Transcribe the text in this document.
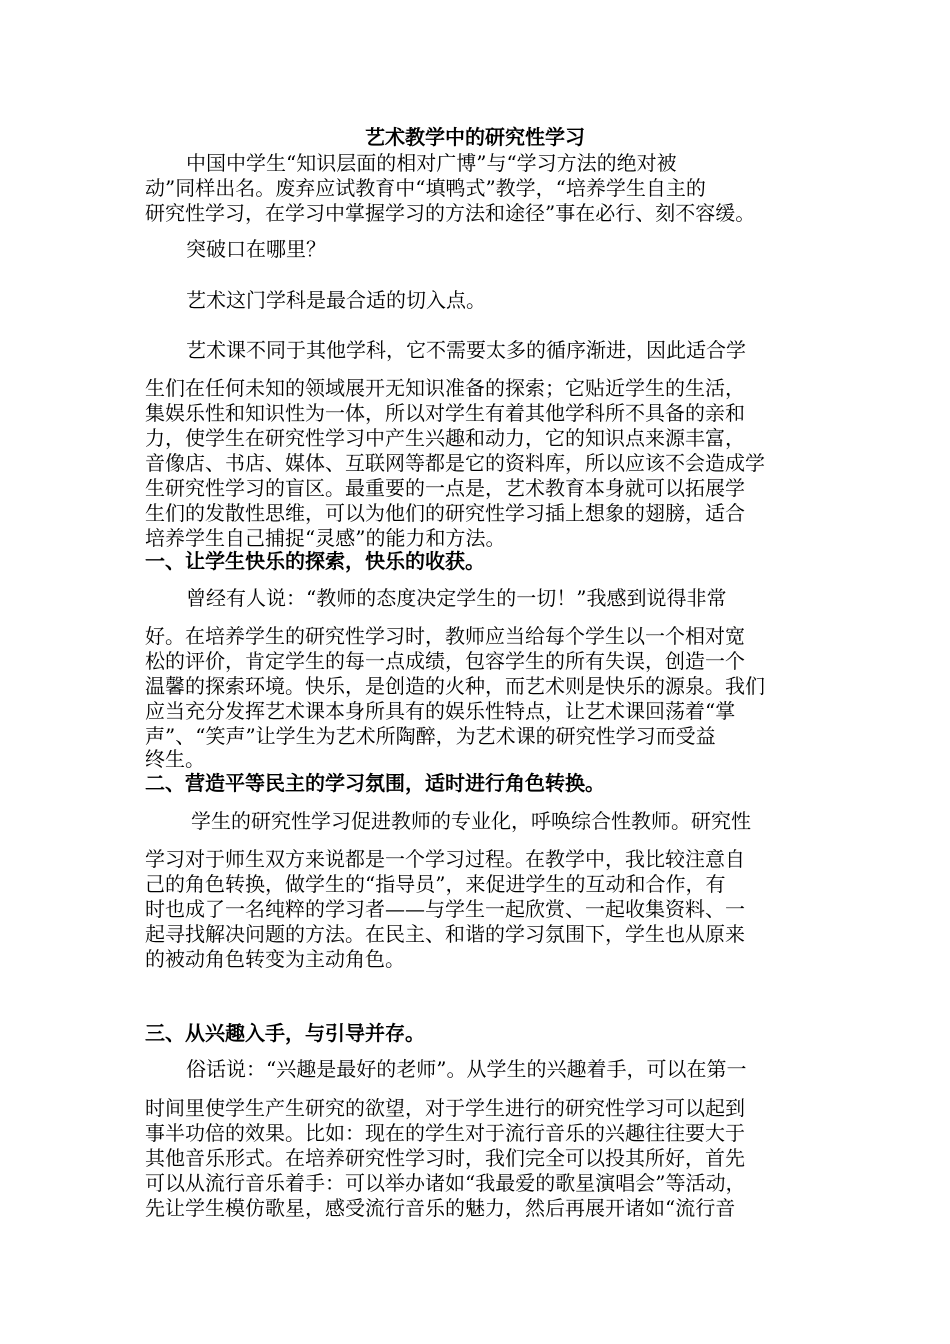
艺术教学中的研究性学习
中国中学生“知识层面的相对广博”与“学习方法的绝对被
动”同样出名。废弃应试教育中“填鸭式”教学，“培养学生自主的
研究性学习，在学习中掌握学习的方法和途径”事在必行、刻不容缓。
突破口在哪里？
艺术这门学科是最合适的切入点。
艺术课不同于其他学科，它不需要太多的循序渐进，因此适合学
生们在任何未知的领域展开无知识准备的探索；它贴近学生的生活，
集娱乐性和知识性为一体，所以对学生有着其他学科所不具备的亲和
力，使学生在研究性学习中产生兴趣和动力，它的知识点来源丰富，
音像店、书店、媒体、互联网等都是它的资料库，所以应该不会造成学
生研究性学习的盲区。最重要的一点是，艺术教育本身就可以拓展学
生们的发散性思维，可以为他们的研究性学习插上想象的翅膀，适合
培养学生自己捕捉“灵感”的能力和方法。
一、让学生快乐的探索，快乐的收获。
曾经有人说：“教师的态度决定学生的一切！”我感到说得非常
好。在培养学生的研究性学习时，教师应当给每个学生以一个相对宽
松的评价，肯定学生的每一点成绩，包容学生的所有失误，创造一个
温馨的探索环境。快乐，是创造的火种，而艺术则是快乐的源泉。我们
应当充分发挥艺术课本身所具有的娱乐性特点，让艺术课回荡着“掌
声”、“笑声”让学生为艺术所陶醉，为艺术课的研究性学习而受益
终生。
二、营造平等民主的学习氛围，适时进行角色转换。
学生的研究性学习促进教师的专业化，呼唤综合性教师。研究性
学习对于师生双方来说都是一个学习过程。在教学中，我比较注意自
己的角色转换，做学生的“指导员”，来促进学生的互动和合作，有
时也成了一名纯粹的学习者——与学生一起欣赏、一起收集资料、一
起寻找解决问题的方法。在民主、和谐的学习氛围下，学生也从原来
的被动角色转变为主动角色。
三、从兴趣入手，与引导并存。
俗话说：“兴趣是最好的老师”。从学生的兴趣着手，可以在第一
时间里使学生产生研究的欲望，对于学生进行的研究性学习可以起到
事半功倍的效果。比如：现在的学生对于流行音乐的兴趣往往要大于
其他音乐形式。在培养研究性学习时，我们完全可以投其所好，首先
可以从流行音乐着手：可以举办诸如“我最爱的歌星演唱会”等活动，
先让学生模仿歌星，感受流行音乐的魅力，然后再展开诸如“流行音
